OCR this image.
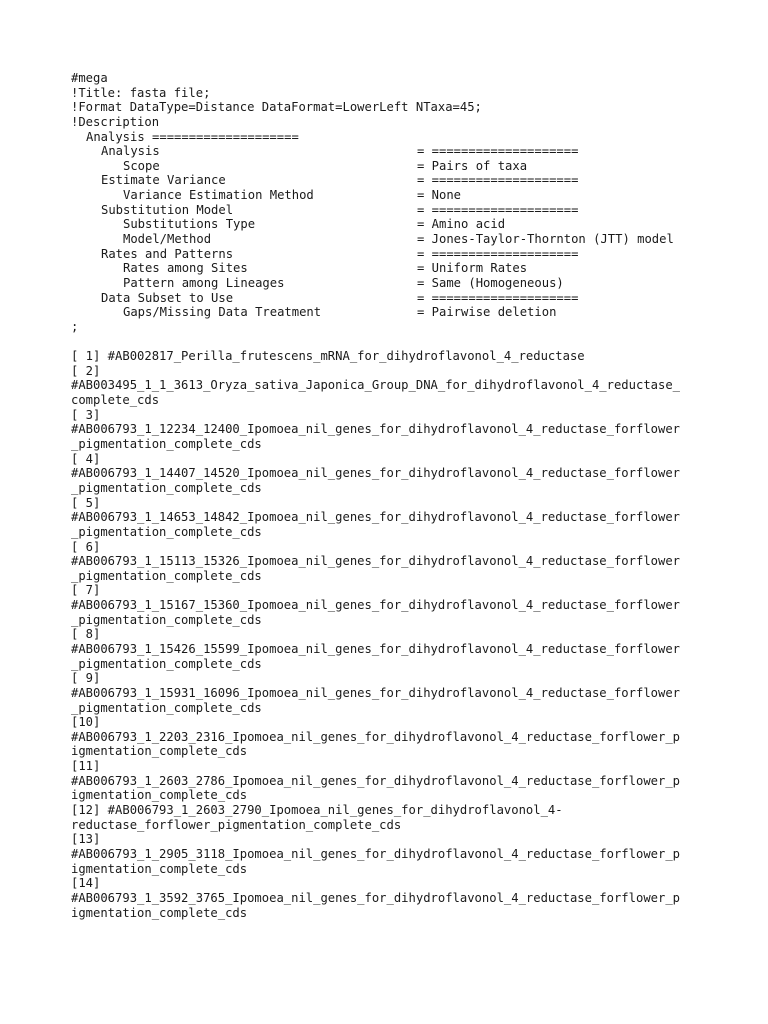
#mega
!Title: fasta file;
!Format DataType=Distance DataFormat=LowerLeft NTaxa=45;
!Description
Analysis ====================
Analysis	= ====================
Scope	= Pairs of taxa
Estimate Variance	= ====================
Variance Estimation Method	= None
Substitution Model	= ====================
Substitutions Type	= Amino acid
Model/Method	= Jones-Taylor-Thornton (JTT) model
Rates and Patterns	= ====================
Rates among Sites	= Uniform Rates
Pattern among Lineages	= Same (Homogeneous)
Data Subset to Use	= ====================
Gaps/Missing Data Treatment	= Pairwise deletion
;
[ 1] #AB002817_Perilla_frutescens_mRNA_for_dihydroflavonol_4_reductase
[ 2]
#AB003495_1_1_3613_Oryza_sativa_Japonica_Group_DNA_for_dihydroflavonol_4_reductase_
complete_cds
[ 3]
#AB006793_1_12234_12400_Ipomoea_nil_genes_for_dihydroflavonol_4_reductase_forflower
_pigmentation_complete_cds
[ 4]
#AB006793_1_14407_14520_Ipomoea_nil_genes_for_dihydroflavonol_4_reductase_forflower
_pigmentation_complete_cds
[ 5]
#AB006793_1_14653_14842_Ipomoea_nil_genes_for_dihydroflavonol_4_reductase_forflower
_pigmentation_complete_cds
[ 6]
#AB006793_1_15113_15326_Ipomoea_nil_genes_for_dihydroflavonol_4_reductase_forflower
_pigmentation_complete_cds
[ 7]
#AB006793_1_15167_15360_Ipomoea_nil_genes_for_dihydroflavonol_4_reductase_forflower
_pigmentation_complete_cds
[ 8]
#AB006793_1_15426_15599_Ipomoea_nil_genes_for_dihydroflavonol_4_reductase_forflower
_pigmentation_complete_cds
[ 9]
#AB006793_1_15931_16096_Ipomoea_nil_genes_for_dihydroflavonol_4_reductase_forflower
_pigmentation_complete_cds
[10]
#AB006793_1_2203_2316_Ipomoea_nil_genes_for_dihydroflavonol_4_reductase_forflower_p
igmentation_complete_cds
[11]
#AB006793_1_2603_2786_Ipomoea_nil_genes_for_dihydroflavonol_4_reductase_forflower_p
igmentation_complete_cds
[12] #AB006793_1_2603_2790_Ipomoea_nil_genes_for_dihydroflavonol_4-
reductase_forflower_pigmentation_complete_cds
[13]
#AB006793_1_2905_3118_Ipomoea_nil_genes_for_dihydroflavonol_4_reductase_forflower_p
igmentation_complete_cds
[14]
#AB006793_1_3592_3765_Ipomoea_nil_genes_for_dihydroflavonol_4_reductase_forflower_p
igmentation_complete_cds
